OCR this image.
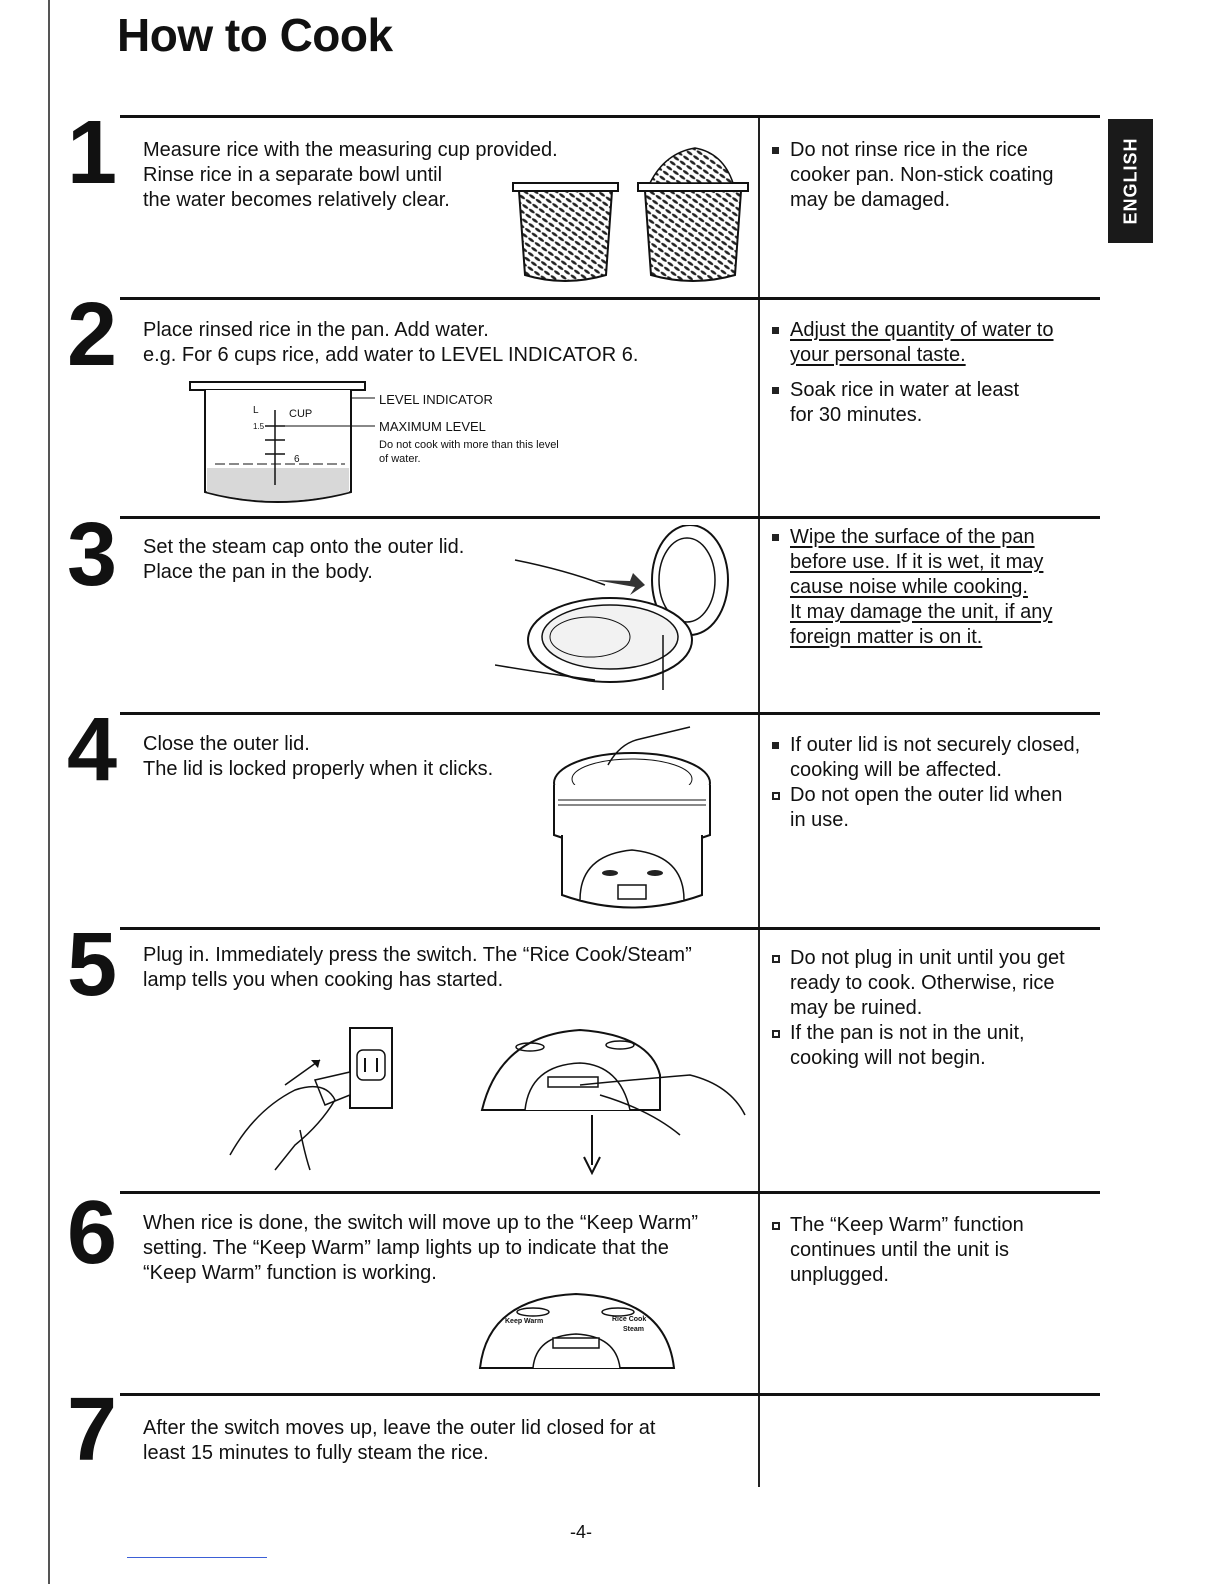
How to Cook
ENGLISH
1 Measure rice with the measuring cup provided.
Rinse rice in a separate bowl until
the water becomes relatively clear.
Do not rinse rice in the rice
cooker pan. Non-stick coating
may be damaged.
2 Place rinsed rice in the pan. Add water.
e.g. For 6 cups rice, add water to LEVEL INDICATOR 6.
Adjust the quantity of water to
your personal taste.
Soak rice in water at least
for 30 minutes.
L	CUP
1.5
6
LEVEL INDICATOR
MAXIMUM LEVEL
Do not cook with more than this level
of water.
3 Set the steam cap onto the outer lid.
Place the pan in the body.
Wipe the surface of the pan
before use. If it is wet, it may
cause noise while cooking.
It may damage the unit, if any
foreign matter is on it.
4 Close the outer lid.
The lid is locked properly when it clicks.
If outer lid is not securely closed,
cooking will be affected.
Do not open the outer lid when
in use.
5 Plug in. Immediately press the switch. The “Rice Cook/Steam”
lamp tells you when cooking has started.
Do not plug in unit until you get
ready to cook. Otherwise, rice
may be ruined.
If the pan is not in the unit,
cooking will not begin.
6 When rice is done, the switch will move up to the “Keep Warm”
setting. The “Keep Warm” lamp lights up to indicate that the
“Keep Warm” function is working.
The “Keep Warm” function
continues until the unit is
unplugged.
Keep Warm	Rice Cook
Steam
7 After the switch moves up, leave the outer lid closed for at
least 15 minutes to fully steam the rice.
-4-
